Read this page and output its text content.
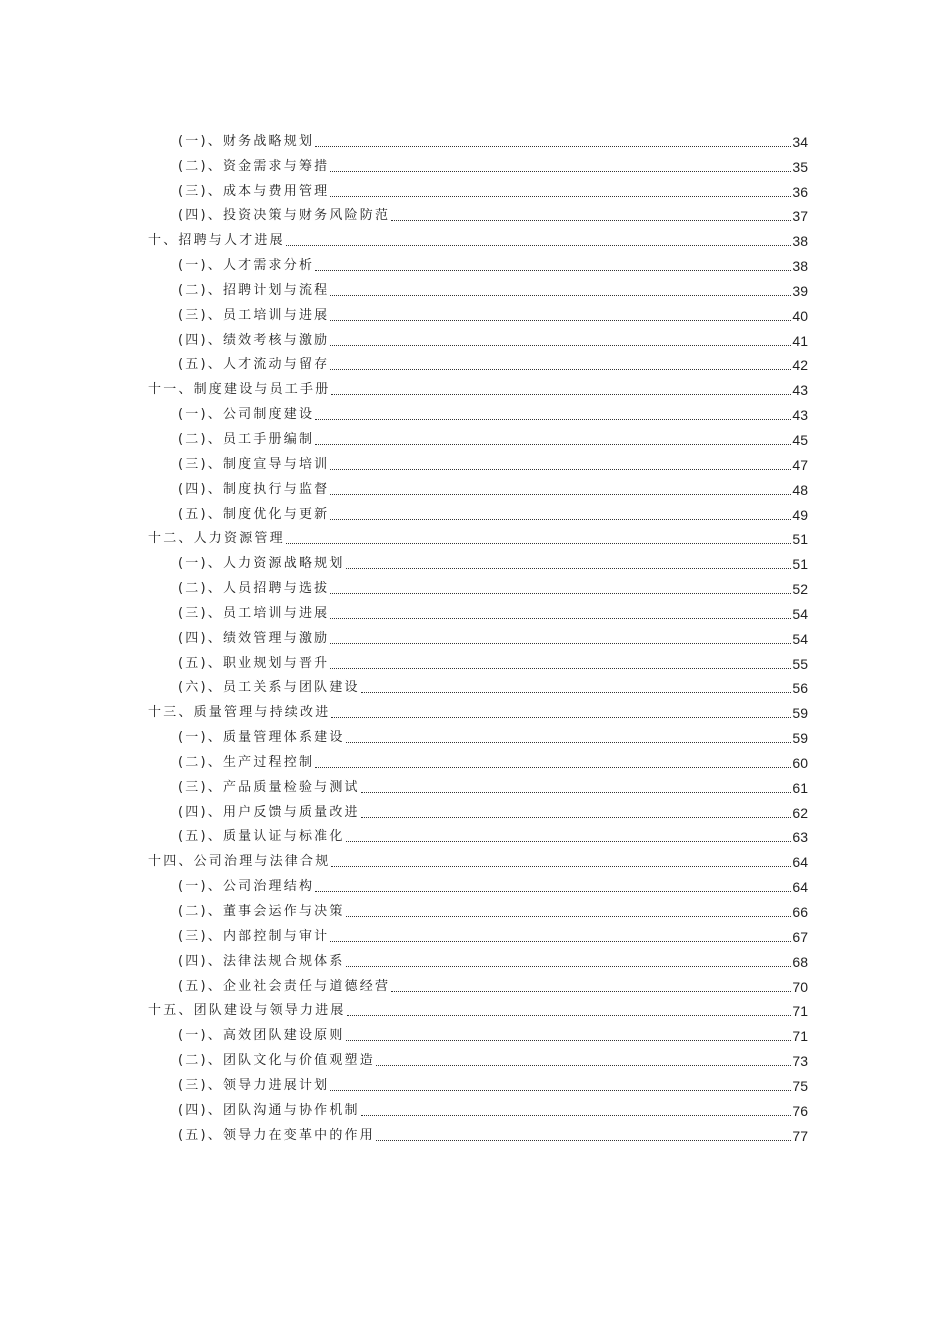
(一)、财务战略规划	34
(二)、资金需求与筹措	35
(三)、成本与费用管理	36
(四)、投资决策与财务风险防范	37
十、招聘与人才进展	38
(一)、人才需求分析	38
(二)、招聘计划与流程	39
(三)、员工培训与进展	40
(四)、绩效考核与激励	41
(五)、人才流动与留存	42
十一、制度建设与员工手册	43
(一)、公司制度建设	43
(二)、员工手册编制	45
(三)、制度宣导与培训	47
(四)、制度执行与监督	48
(五)、制度优化与更新	49
十二、人力资源管理	51
(一)、人力资源战略规划	51
(二)、人员招聘与选拔	52
(三)、员工培训与进展	54
(四)、绩效管理与激励	54
(五)、职业规划与晋升	55
(六)、员工关系与团队建设	56
十三、质量管理与持续改进	59
(一)、质量管理体系建设	59
(二)、生产过程控制	60
(三)、产品质量检验与测试	61
(四)、用户反馈与质量改进	62
(五)、质量认证与标准化	63
十四、公司治理与法律合规	64
(一)、公司治理结构	64
(二)、董事会运作与决策	66
(三)、内部控制与审计	67
(四)、法律法规合规体系	68
(五)、企业社会责任与道德经营	70
十五、团队建设与领导力进展	71
(一)、高效团队建设原则	71
(二)、团队文化与价值观塑造	73
(三)、领导力进展计划	75
(四)、团队沟通与协作机制	76
(五)、领导力在变革中的作用	77
